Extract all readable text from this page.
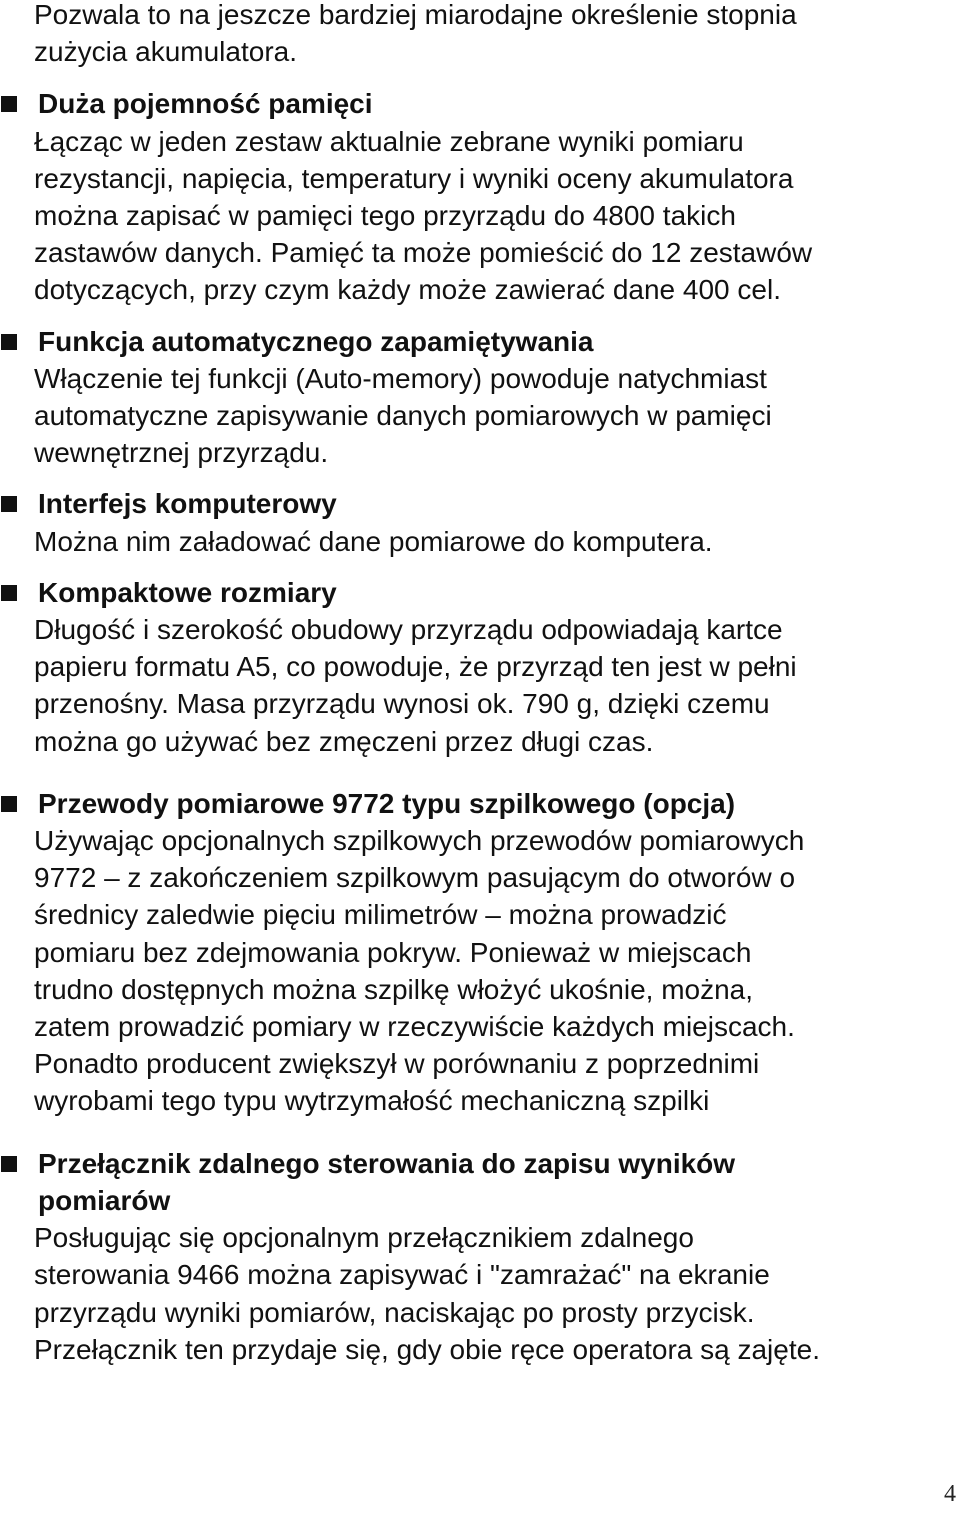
Pozwala to na jeszcze bardziej miarodajne określenie stopnia

zużycia akumulatora.

Duża pojemność pamięci

Łącząc w jeden zestaw aktualnie zebrane wyniki pomiaru

rezystancji, napięcia, temperatury i wyniki oceny akumulatora

można zapisać w pamięci tego przyrządu do 4800 takich

zastawów danych. Pamięć ta może pomieścić do 12 zestawów

dotyczących, przy czym każdy może zawierać dane 400 cel.

Funkcja automatycznego zapamiętywania

Włączenie tej funkcji (Auto-memory) powoduje natychmiast

automatyczne zapisywanie danych pomiarowych w pamięci

wewnętrznej przyrządu.

Interfejs komputerowy

Można nim załadować dane pomiarowe do komputera.

Kompaktowe rozmiary

Długość i szerokość obudowy przyrządu odpowiadają kartce

papieru formatu A5, co powoduje, że przyrząd ten jest w pełni

przenośny. Masa przyrządu wynosi ok. 790 g, dzięki czemu

można go używać bez zmęczeni przez długi czas.

Przewody pomiarowe 9772 typu szpilkowego (opcja)

Używając opcjonalnych szpilkowych przewodów pomiarowych

9772 – z zakończeniem szpilkowym pasującym do otworów o

średnicy zaledwie pięciu milimetrów – można prowadzić

pomiaru bez zdejmowania pokryw. Ponieważ w miejscach

trudno dostępnych można szpilkę włożyć ukośnie, można,

zatem prowadzić pomiary w rzeczywiście każdych miejscach.

Ponadto producent zwiększył w porównaniu z poprzednimi

wyrobami tego typu wytrzymałość mechaniczną szpilki

Przełącznik zdalnego sterowania do zapisu wyników

pomiarów

Posługując się opcjonalnym przełącznikiem zdalnego

sterowania 9466 można zapisywać i "zamrażać" na ekranie

przyrządu wyniki pomiarów, naciskając po prosty przycisk.

Przełącznik ten przydaje się, gdy obie ręce operatora są zajęte.

4
